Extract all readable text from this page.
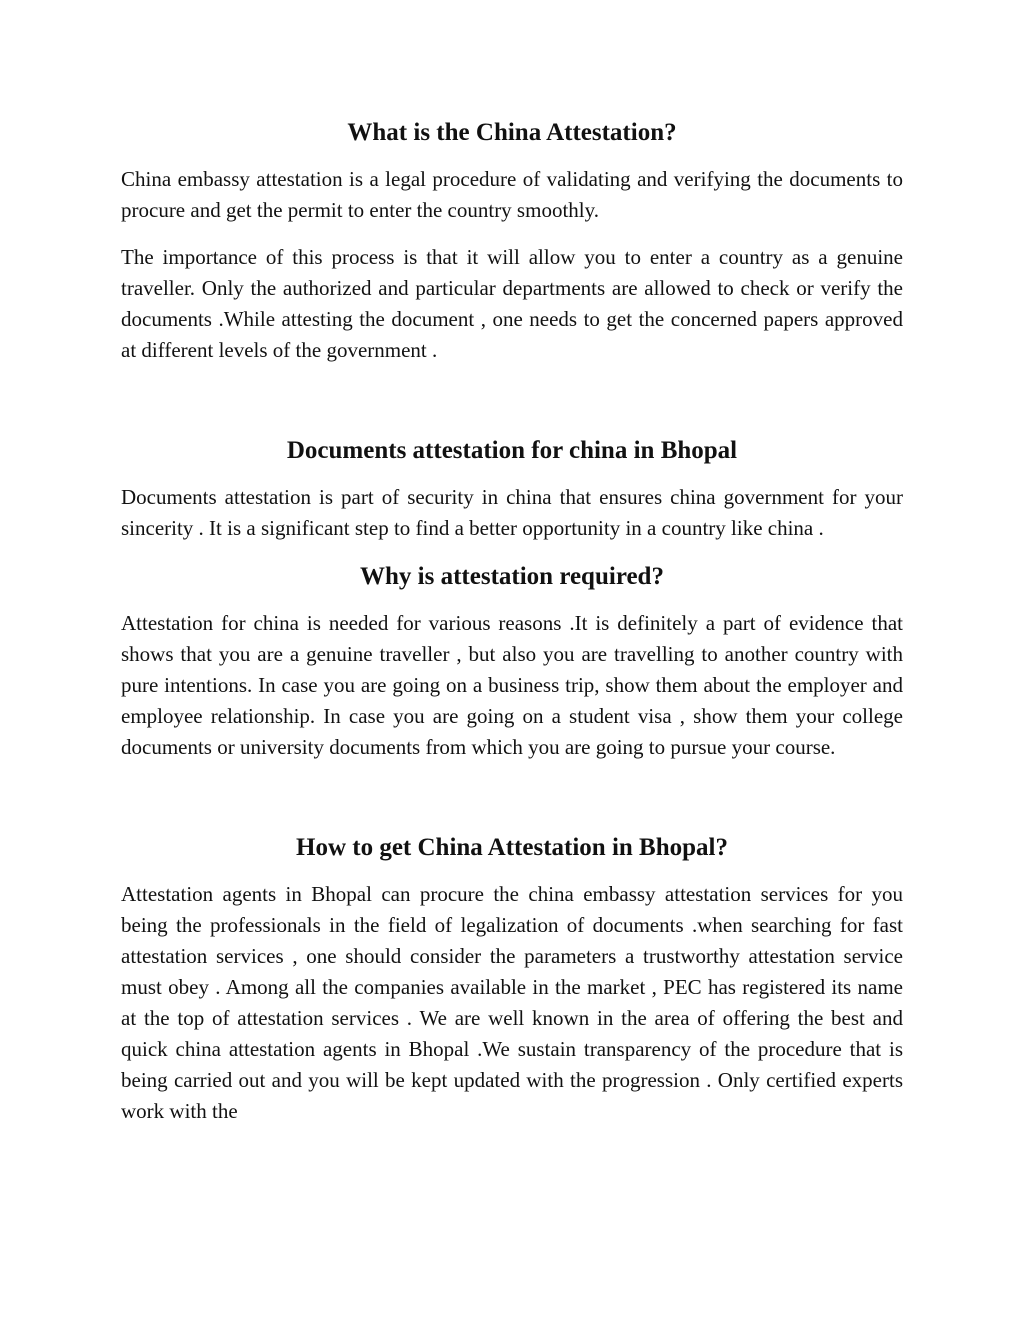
What is the China Attestation?

China embassy attestation is a legal procedure of validating and verifying the documents to procure and get the permit to enter the country smoothly.

The importance of this process is that it will allow you to enter a country as a genuine traveller. Only the authorized and particular departments are allowed to check or verify the documents .While attesting the document , one needs to get the concerned papers approved at different levels of the government .

Documents attestation for china in Bhopal

Documents attestation is part of security in china that ensures china government for your sincerity . It is a significant step to find a better opportunity in a country like china .

Why is attestation required?

Attestation for china is needed for various reasons .It is definitely a part of evidence that shows that you are a genuine traveller , but also you are travelling to another country with pure intentions. In case you are going on a business trip, show them about the employer and employee relationship. In case you are going on a student visa , show them your college documents or university documents from which you are going to pursue your course.

How to get China Attestation in Bhopal?

Attestation agents in Bhopal can procure the china embassy attestation services for you being the professionals in the field of legalization of documents .when searching for fast attestation services , one should consider the parameters a trustworthy attestation service must obey . Among all the companies available in the market , PEC has registered its name at the top of attestation services . We are well known in the area of offering the best and quick china attestation agents in Bhopal .We sustain transparency of the procedure that is being carried out and you will be kept updated with the progression . Only certified experts work with the
